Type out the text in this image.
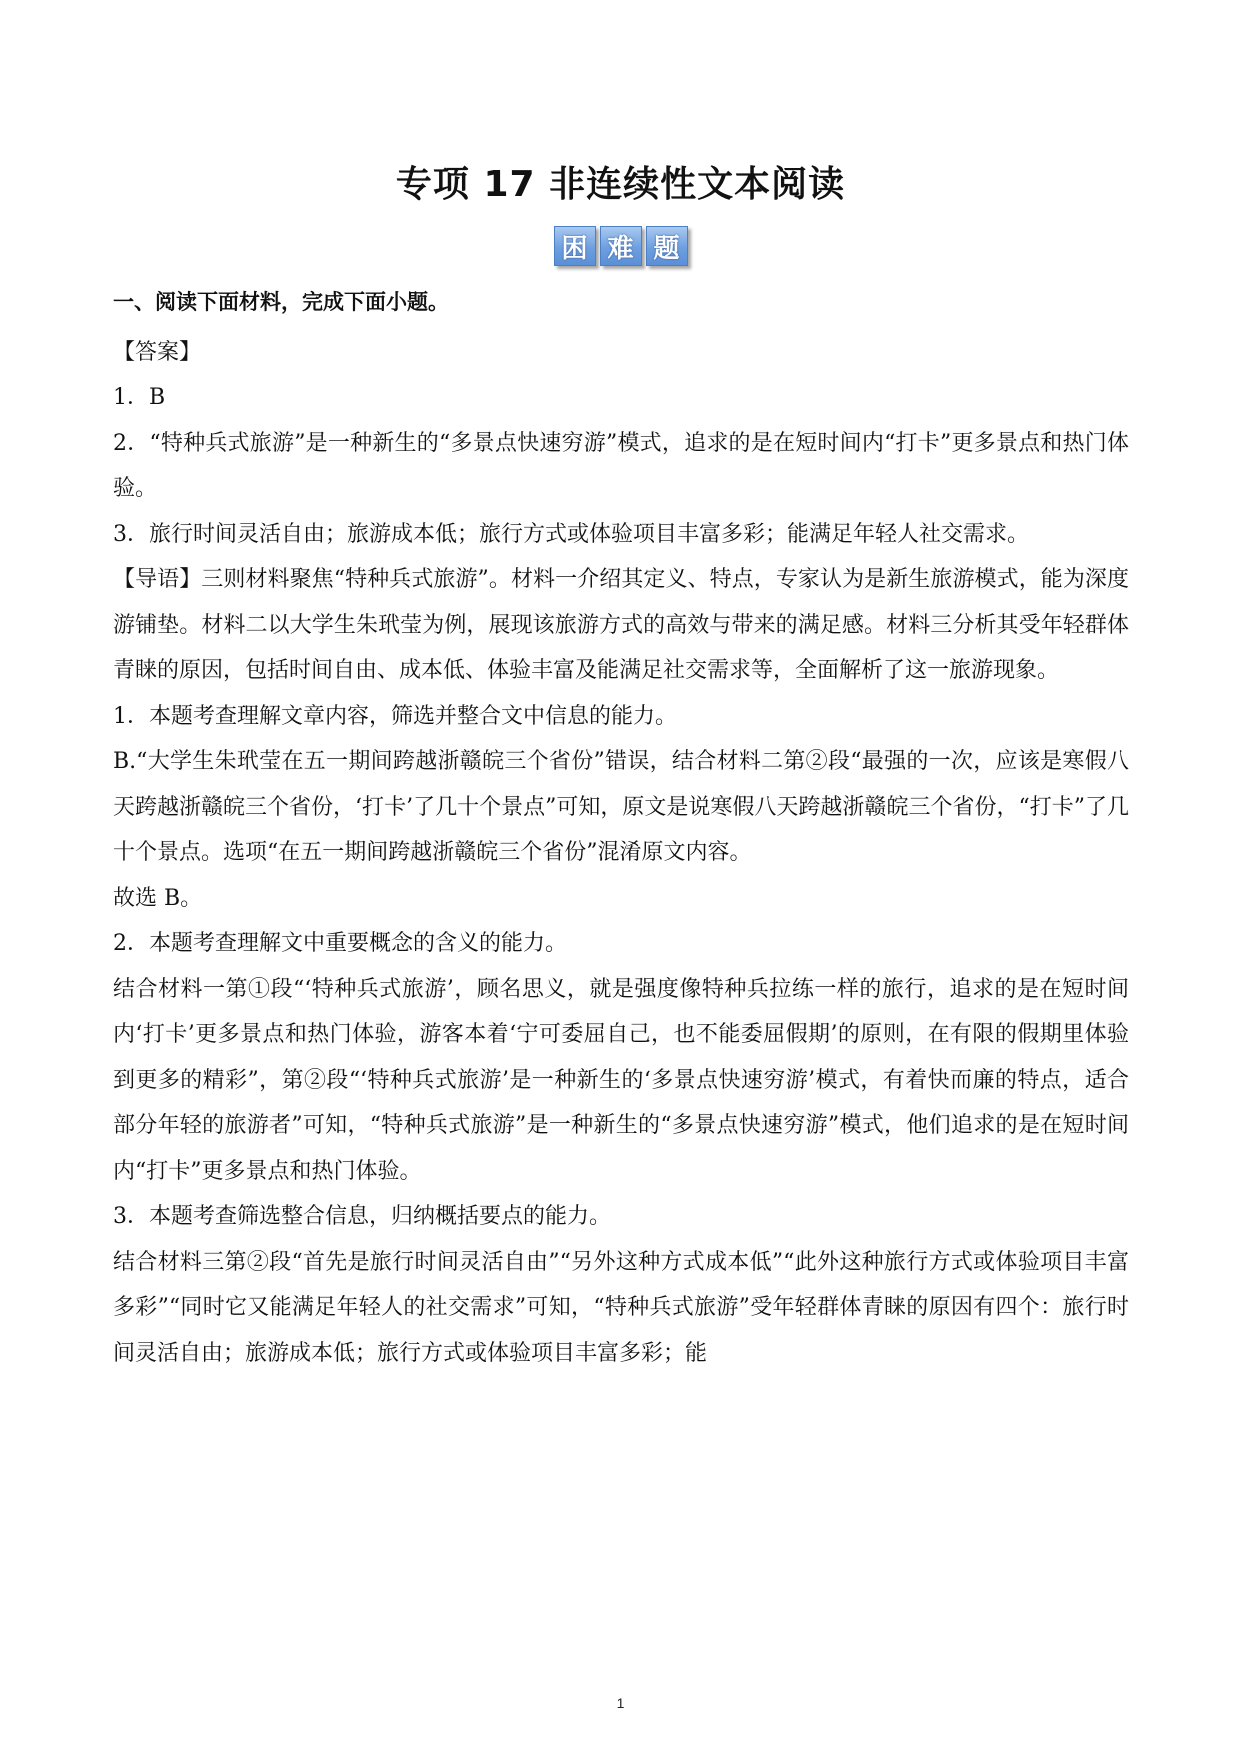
专项 17 非连续性文本阅读
困 难 题

一、阅读下面材料，完成下面小题。

【答案】

1．B

2．“特种兵式旅游”是一种新生的“多景点快速穷游”模式，追求的是在短时间内“打卡”更多景点和热门体验。

3．旅行时间灵活自由；旅游成本低；旅行方式或体验项目丰富多彩；能满足年轻人社交需求。

【导语】三则材料聚焦“特种兵式旅游”。材料一介绍其定义、特点，专家认为是新生旅游模式，能为深度游铺垫。材料二以大学生朱玳莹为例，展现该旅游方式的高效与带来的满足感。材料三分析其受年轻群体青睐的原因，包括时间自由、成本低、体验丰富及能满足社交需求等，全面解析了这一旅游现象。

1．本题考查理解文章内容，筛选并整合文中信息的能力。

B.“大学生朱玳莹在五一期间跨越浙赣皖三个省份”错误，结合材料二第②段“最强的一次，应该是寒假八天跨越浙赣皖三个省份，‘打卡’了几十个景点”可知，原文是说寒假八天跨越浙赣皖三个省份，“打卡”了几十个景点。选项“在五一期间跨越浙赣皖三个省份”混淆原文内容。

故选 B。

2．本题考查理解文中重要概念的含义的能力。

结合材料一第①段“‘特种兵式旅游’，顾名思义，就是强度像特种兵拉练一样的旅行，追求的是在短时间内‘打卡’更多景点和热门体验，游客本着‘宁可委屈自己，也不能委屈假期’的原则，在有限的假期里体验到更多的精彩”，第②段“‘特种兵式旅游’是一种新生的‘多景点快速穷游’模式，有着快而廉的特点，适合部分年轻的旅游者”可知，“特种兵式旅游”是一种新生的“多景点快速穷游”模式，他们追求的是在短时间内“打卡”更多景点和热门体验。

3．本题考查筛选整合信息，归纳概括要点的能力。

结合材料三第②段“首先是旅行时间灵活自由”“另外这种方式成本低”“此外这种旅行方式或体验项目丰富多彩”“同时它又能满足年轻人的社交需求”可知，“特种兵式旅游”受年轻群体青睐的原因有四个：旅行时间灵活自由；旅游成本低；旅行方式或体验项目丰富多彩；能

1
